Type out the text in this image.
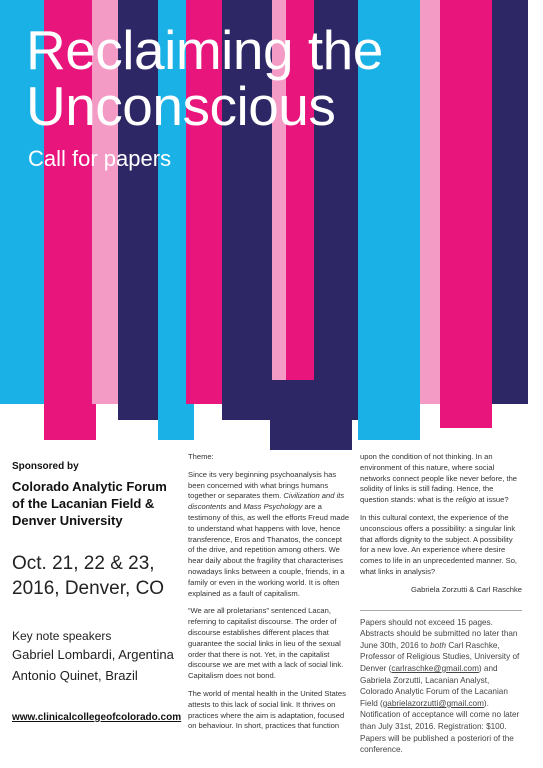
Reclaiming the
Unconscious
Call for papers
Sponsored by
Colorado Analytic Forum
of the Lacanian Field &
Denver University
Oct. 21, 22 & 23,
2016, Denver, CO
Key note speakers
Gabriel Lombardi, Argentina
Antonio Quinet, Brazil
www.clinicalcollegeofcolorado.com

Theme:

Since its very beginning psychoanalysis has been concerned with what brings humans together or separates them. Civilization and its discontents and Mass Psychology are a testimony of this, as well the efforts Freud made to understand what happens with love, hence transference, Eros and Thanatos, the concept of the drive, and repetition among others. We hear daily about the fragility that characterises nowadays links between a couple, friends, in a family or even in the working world. It is often explained as a fault of capitalism.

“We are all proletarians” sentenced Lacan, referring to capitalist discourse. The order of discourse establishes different places that guarantee the social links in lieu of the sexual order that there is not. Yet, in the capitalist discourse we are met with a lack of social link. Capitalism does not bond.

The world of mental health in the United States attests to this lack of social link. It thrives on practices where the aim is adaptation, focused on behaviour. In short, practices that function

upon the condition of not thinking. In an environment of this nature, where social networks connect people like never before, the solidity of links is still fading. Hence, the question stands: what is the religio at issue?

In this cultural context, the experience of the unconscious offers a possibility: a singular link that affords dignity to the subject. A possibility for a new love. An experience where desire comes to life in an unprecedented manner. So, what links in analysis?

Gabriela Zorzutti & Carl Raschke
Papers should not exceed 15 pages. Abstracts should be submitted no later than June 30th, 2016 to both Carl Raschke, Professor of Religious Studies, University of Denver (carlraschke@gmail.com) and Gabriela Zorzutti, Lacanian Analyst, Colorado Analytic Forum of the Lacanian Field (gabrielazorzutti@gmail.com). Notification of acceptance will come no later than July 31st, 2016. Registration: $100. Papers will be published a posteriori of the conference.
